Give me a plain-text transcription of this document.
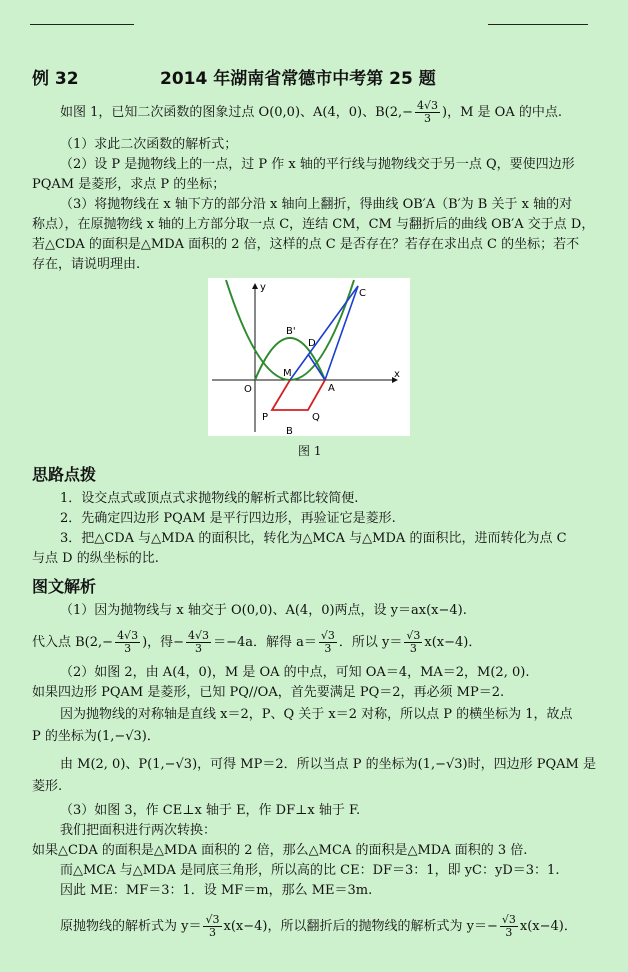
例 32	2014 年湖南省常德市中考第 25 题
如图 1，已知二次函数的图象过点 O(0,0)、A(4，0)、$B(2,- \frac{4√3}{3}$ )，M 是 OA 的中点.
（1）求此二次函数的解析式；
（2）设 P 是抛物线上的一点，过 P 作 x 轴的平行线与抛物线交于另一点 Q，要使四边形
PQAM 是菱形，求点 P 的坐标；
（3）将抛物线在 x 轴下方的部分沿 x 轴向上翻折，得曲线 OB′A（B′为 B 关于 x 轴的对
称点），在原抛物线 x 轴的上方部分取一点 C，连结 CM，CM 与翻折后的曲线 OB′A 交于点 D，
若△CDA 的面积是△MDA 面积的 2 倍，这样的点 C 是否存在？若存在求出点 C 的坐标；若不
存在，请说明理由.
y
x
O	A
B'
B
C
D
M
P	Q
图 1
思路点拨
1．设交点式或顶点式求抛物线的解析式都比较简便.
2．先确定四边形 PQAM 是平行四边形，再验证它是菱形.
3．把△CDA 与△MDA 的面积比，转化为△MCA 与△MDA 的面积比，进而转化为点 C
与点 D 的纵坐标的比.
图文解析
（1）因为抛物线与 x 轴交于 O(0,0)、A(4，0)两点，设 y＝ax(x−4).
代入点 $B(2,- \frac{4√3}{3}$ )，得− $\frac{4√3}{3} =-4a$．解得 $a= \frac{√3}{3}$ ．所以 $y= \frac{√3}{3} x(x-4)$．
（2）如图 2，由 A(4，0)，M 是 OA 的中点，可知 OA＝4，MA＝2，M(2, 0).
如果四边形 PQAM 是菱形，已知 PQ//OA，首先要满足 PQ＝2，再必须 MP＝2.
因为抛物线的对称轴是直线 x＝2，P、Q 关于 x＝2 对称，所以点 P 的横坐标为 1，故点
P 的坐标为(1,−√3)．
由 M(2, 0)、P(1,−√3)，可得 MP＝2．所以当点 P 的坐标为(1,−√3)时，四边形 PQAM 是
菱形.
（3）如图 3，作 CE⊥x 轴于 E，作 DF⊥x 轴于 F.
我们把面积进行两次转换：
如果△CDA 的面积是△MDA 面积的 2 倍，那么△MCA 的面积是△MDA 面积的 3 倍.
而△MCA 与△MDA 是同底三角形，所以高的比 CE：DF＝3：1，即 yC：yD＝3：1.
因此 ME：MF＝3：1．设 MF＝m，那么 ME＝3m.
原抛物线的解析式为 $y= \frac{√3}{3} x(x-4)$，所以翻折后的抛物线的解析式为 $y=- \frac{√3}{3} x(x-4)$．
